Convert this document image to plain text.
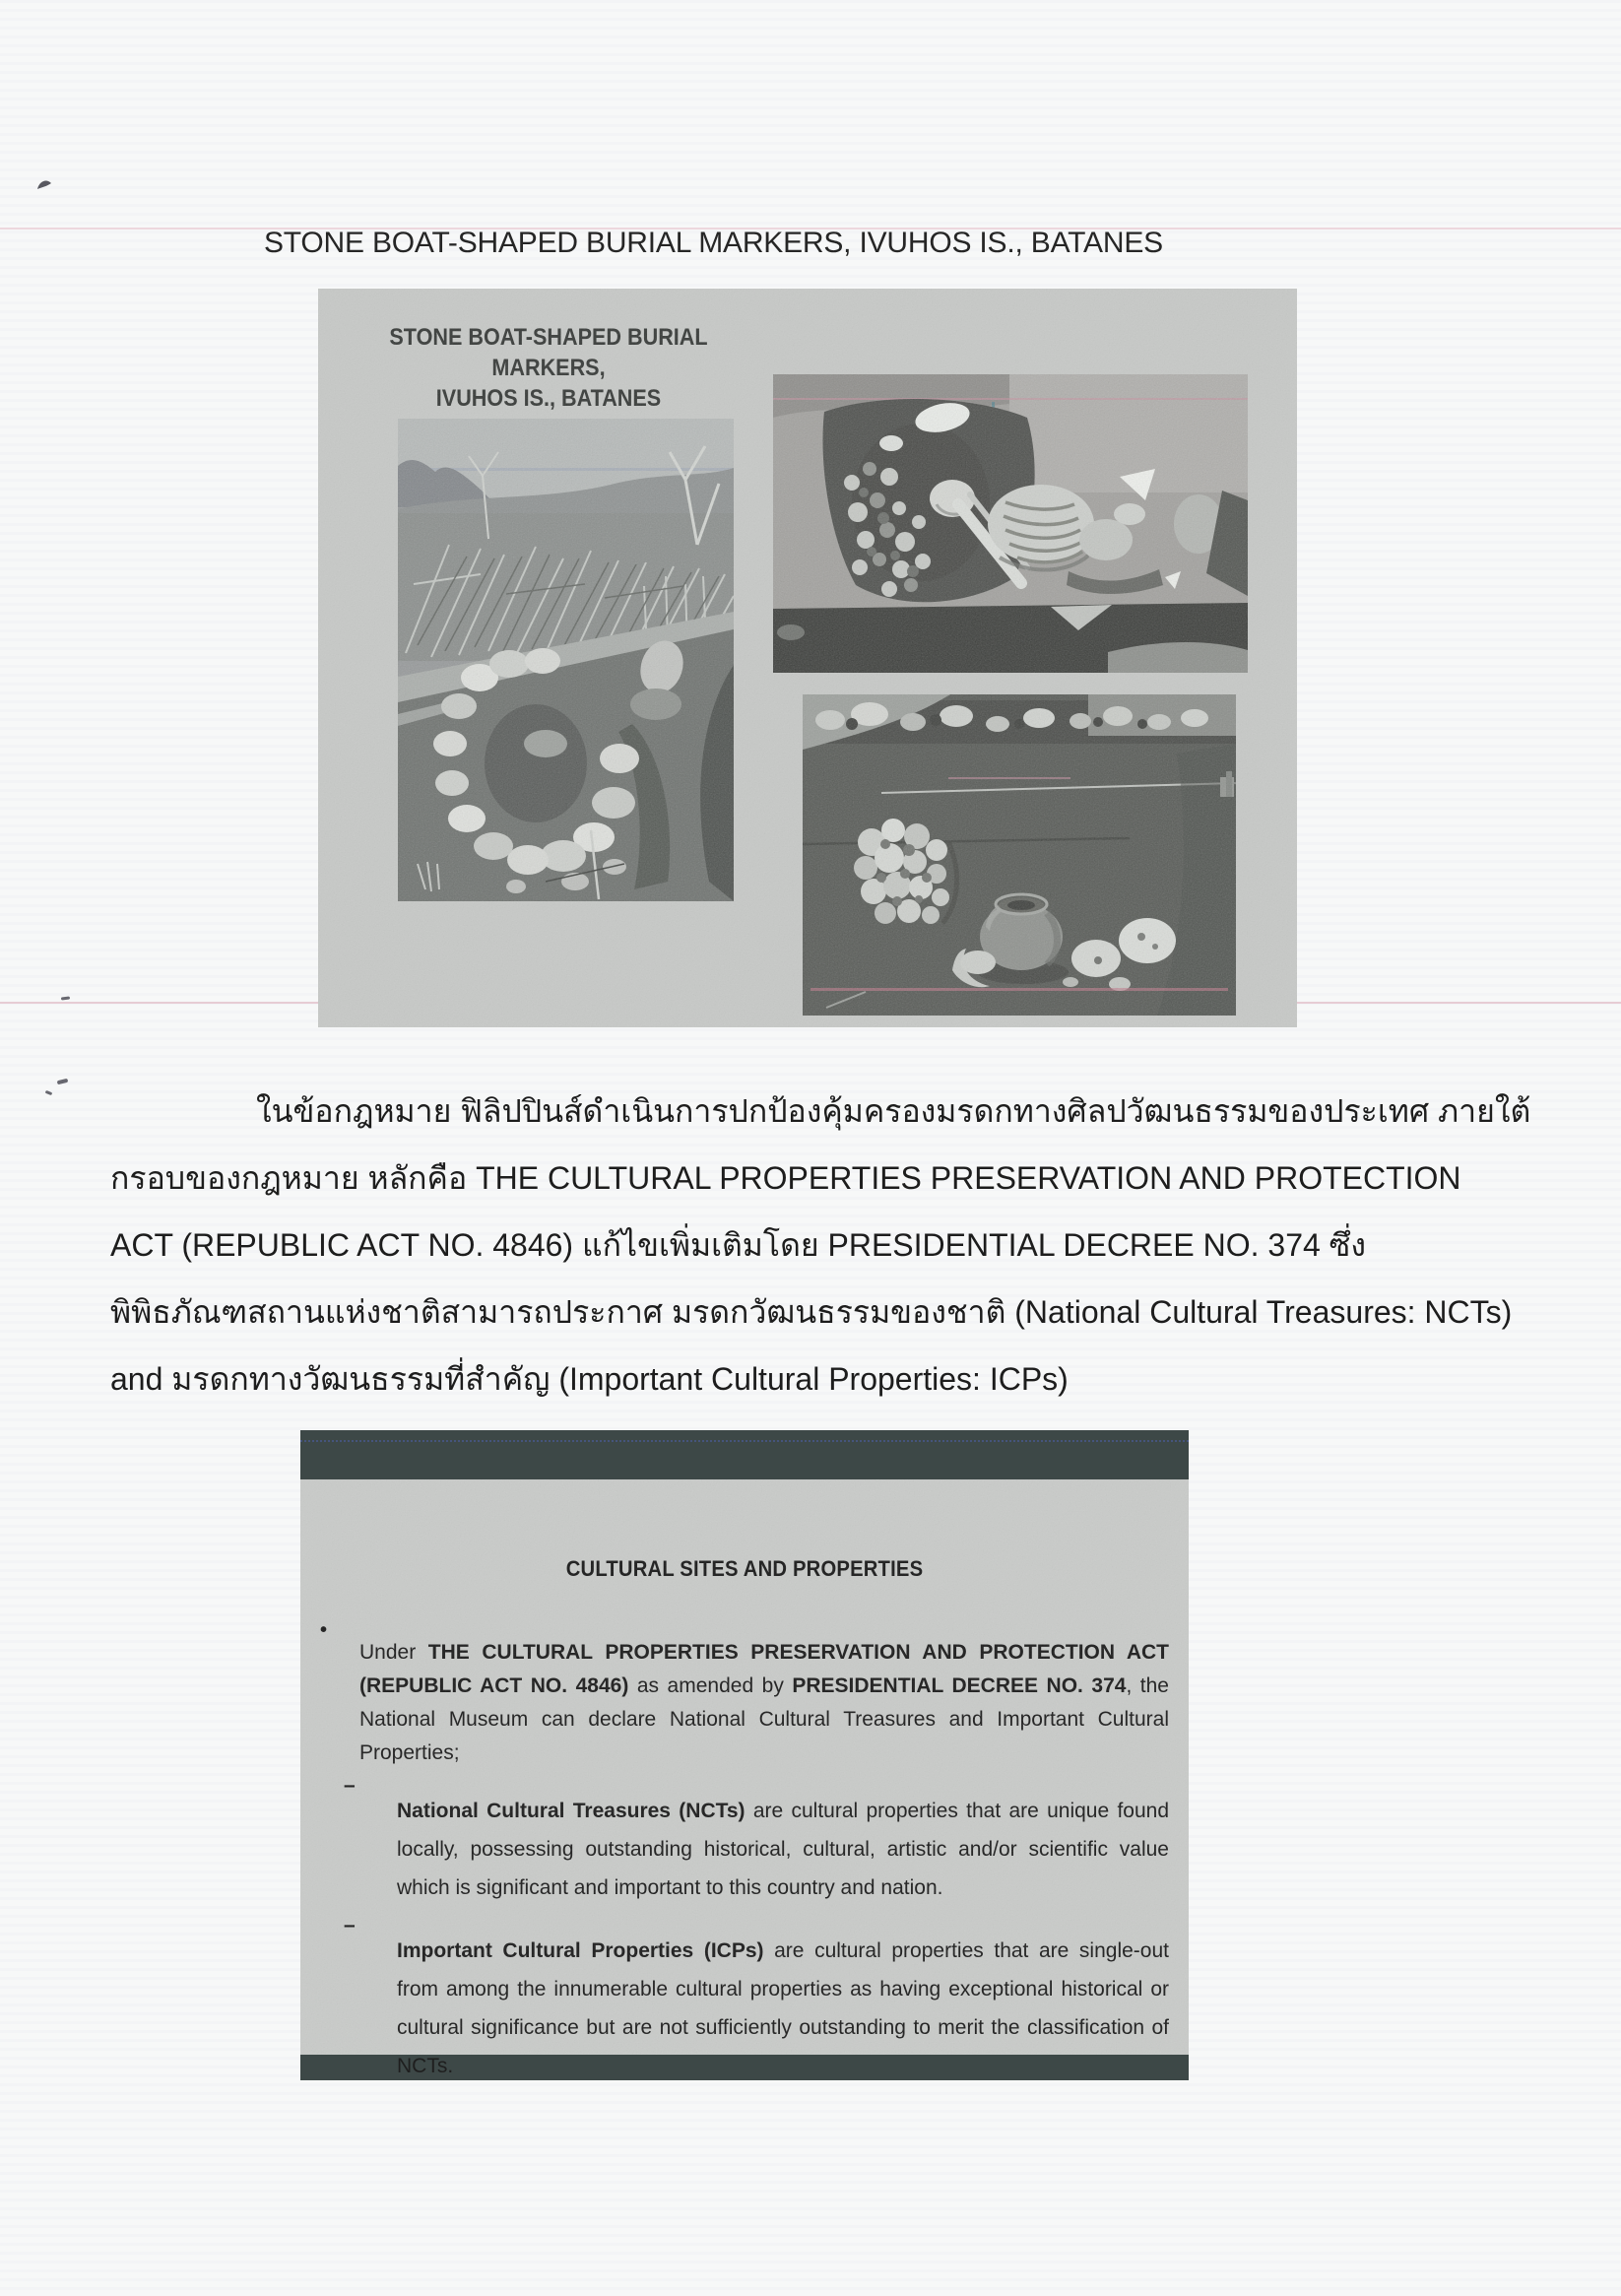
STONE BOAT-SHAPED BURIAL MARKERS, IVUHOS IS., BATANES
STONE BOAT-SHAPED BURIAL MARKERS,
IVUHOS IS., BATANES
ในข้อกฎหมาย ฟิลิปปินส์ดำเนินการปกป้องคุ้มครองมรดกทางศิลปวัฒนธรรมของประเทศ ภายใต้
กรอบของกฎหมาย หลักคือ THE CULTURAL PROPERTIES PRESERVATION AND PROTECTION
ACT (REPUBLIC ACT NO. 4846) แก้ไขเพิ่มเติมโดย PRESIDENTIAL DECREE NO. 374 ซึ่ง
พิพิธภัณฑสถานแห่งชาติสามารถประกาศ มรดกวัฒนธรรมของชาติ (National Cultural Treasures: NCTs)
and มรดกทางวัฒนธรรมที่สำคัญ (Important Cultural Properties: ICPs)
CULTURAL SITES AND PROPERTIES
•

Under THE CULTURAL PROPERTIES PRESERVATION AND PROTECTION ACT (REPUBLIC ACT NO. 4846) as amended by PRESIDENTIAL DECREE NO. 374, the National Museum can declare National Cultural Treasures and Important Cultural Properties;

–

National Cultural Treasures (NCTs) are cultural properties that are unique found locally, possessing outstanding historical, cultural, artistic and/or scientific value which is significant and important to this country and nation.

–

Important Cultural Properties (ICPs) are cultural properties that are single-out from among the innumerable cultural properties as having exceptional historical or cultural significance but are not sufficiently outstanding to merit the classification of NCTs.
